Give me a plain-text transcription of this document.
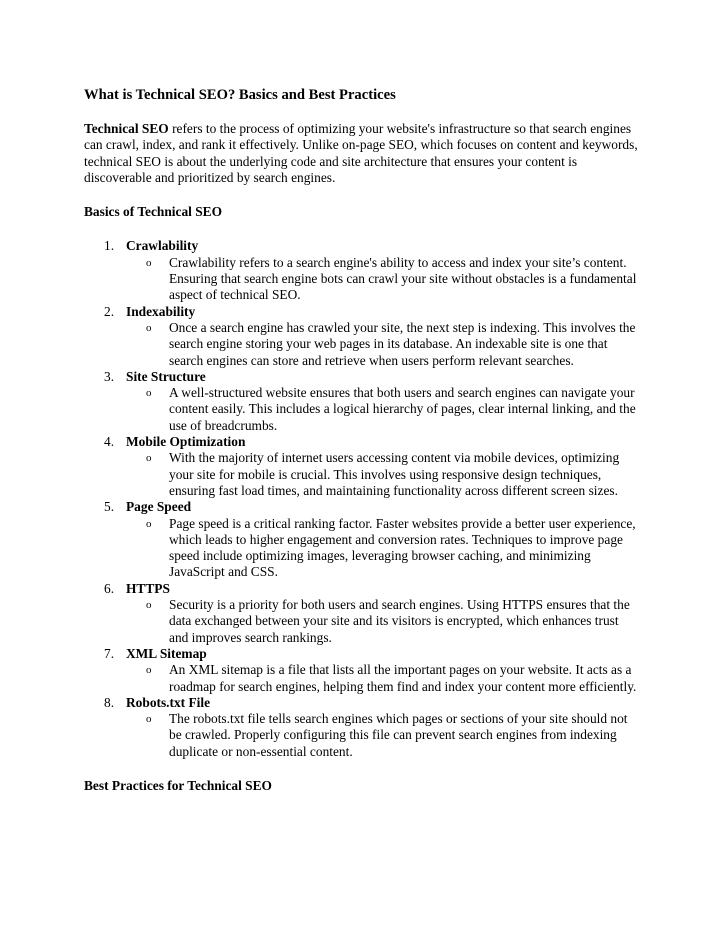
What is Technical SEO? Basics and Best Practices

Technical SEO refers to the process of optimizing your website's infrastructure so that search engines can crawl, index, and rank it effectively. Unlike on-page SEO, which focuses on content and keywords, technical SEO is about the underlying code and site architecture that ensures your content is discoverable and prioritized by search engines.

Basics of Technical SEO

1. Crawlability
o Crawlability refers to a search engine's ability to access and index your site’s content. Ensuring that search engine bots can crawl your site without obstacles is a fundamental aspect of technical SEO.
2. Indexability
o Once a search engine has crawled your site, the next step is indexing. This involves the search engine storing your web pages in its database. An indexable site is one that search engines can store and retrieve when users perform relevant searches.
3. Site Structure
o A well-structured website ensures that both users and search engines can navigate your content easily. This includes a logical hierarchy of pages, clear internal linking, and the use of breadcrumbs.
4. Mobile Optimization
o With the majority of internet users accessing content via mobile devices, optimizing your site for mobile is crucial. This involves using responsive design techniques, ensuring fast load times, and maintaining functionality across different screen sizes.
5. Page Speed
o Page speed is a critical ranking factor. Faster websites provide a better user experience, which leads to higher engagement and conversion rates. Techniques to improve page speed include optimizing images, leveraging browser caching, and minimizing JavaScript and CSS.
6. HTTPS
o Security is a priority for both users and search engines. Using HTTPS ensures that the data exchanged between your site and its visitors is encrypted, which enhances trust and improves search rankings.
7. XML Sitemap
o An XML sitemap is a file that lists all the important pages on your website. It acts as a roadmap for search engines, helping them find and index your content more efficiently.
8. Robots.txt File
o The robots.txt file tells search engines which pages or sections of your site should not be crawled. Properly configuring this file can prevent search engines from indexing duplicate or non-essential content.

Best Practices for Technical SEO
